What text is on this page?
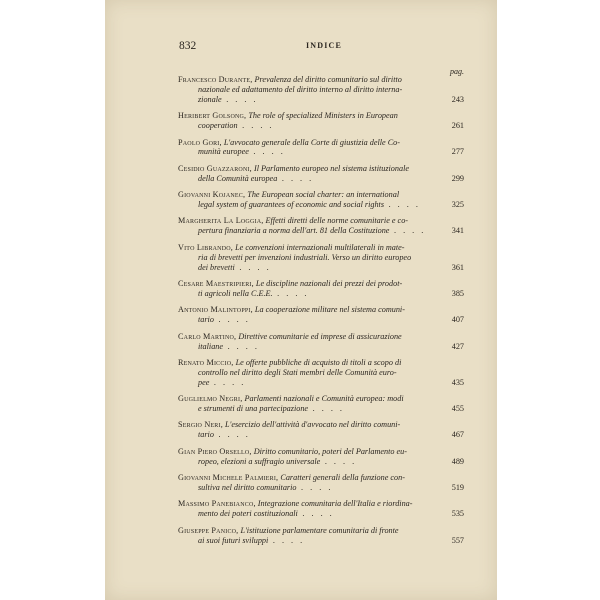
832	INDICE
pag.
Francesco Durante, Prevalenza del diritto comunitario sul diritto
nazionale ed adattamento del diritto interno al diritto interna-
zionale . . . .	243
Heribert Golsong, The role of specialized Ministers in European
cooperation . . . .	261
Paolo Gori, L'avvocato generale della Corte di giustizia delle Co-
munità europee . . . .	277
Cesidio Guazzaroni, Il Parlamento europeo nel sistema istituzionale
della Comunità europea . . . .	299
Giovanni Kojanec, The European social charter: an international
legal system of guarantees of economic and social rights . . . .	325
Margherita La Loggia, Effetti diretti delle norme comunitarie e co-
pertura finanziaria a norma dell'art. 81 della Costituzione . . . .	341
Vito Librando, Le convenzioni internazionali multilaterali in mate-
ria di brevetti per invenzioni industriali. Verso un diritto europeo
dei brevetti . . . .	361
Cesare Maestripieri, Le discipline nazionali dei prezzi dei prodot-
ti agricoli nella C.E.E. . . . .	385
Antonio Malintoppi, La cooperazione militare nel sistema comuni-
tario . . . .	407
Carlo Martino, Direttive comunitarie ed imprese di assicurazione
italiane . . . .	427
Renato Miccio, Le offerte pubbliche di acquisto di titoli a scopo di
controllo nel diritto degli Stati membri delle Comunità euro-
pee . . . .	435
Guglielmo Negri, Parlamenti nazionali e Comunità europea: modi
e strumenti di una partecipazione . . . .	455
Sergio Neri, L'esercizio dell'attività d'avvocato nel diritto comuni-
tario . . . .	467
Gian Piero Orsello, Diritto comunitario, poteri del Parlamento eu-
ropeo, elezioni a suffragio universale . . . .	489
Giovanni Michele Palmieri, Caratteri generali della funzione con-
sultiva nel diritto comunitario . . . .	519
Massimo Panebianco, Integrazione comunitaria dell'Italia e riordina-
mento dei poteri costituzionali . . . .	535
Giuseppe Panico, L'istituzione parlamentare comunitaria di fronte
ai suoi futuri sviluppi . . . .	557
